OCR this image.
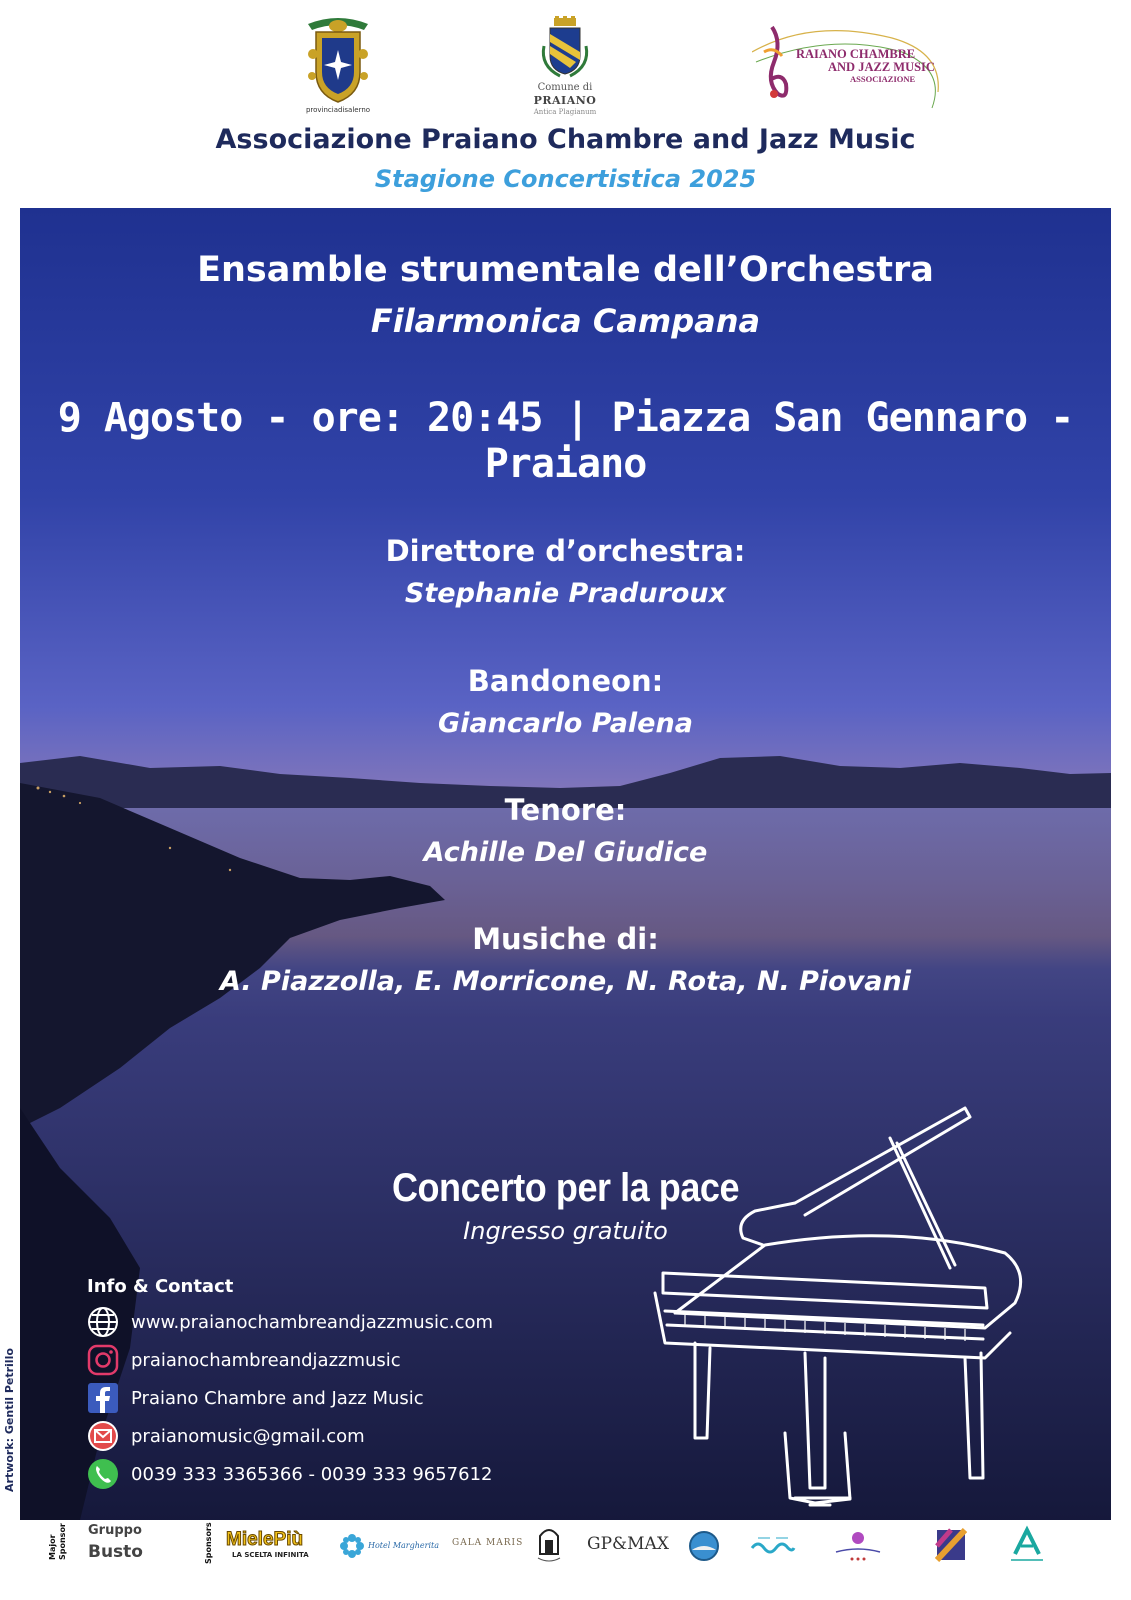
provinciadisalerno
Comune di
PRAIANO
Antica Plagianum
RAIANO CHAMBRE
AND JAZZ MUSIC
ASSOCIAZIONE
Associazione Praiano Chambre and Jazz Music
Stagione Concertistica 2025
Ensamble strumentale dell’Orchestra
Filarmonica Campana
9 Agosto - ore: 20:45 | Piazza San Gennaro - Praiano
Direttore d’orchestra:
Stephanie Praduroux
Bandoneon:
Giancarlo Palena
Tenore:
Achille Del Giudice
Musiche di:
A. Piazzolla, E. Morricone, N. Rota, N. Piovani
Concerto per la pace
Ingresso gratuito
Info & Contact
www.praianochambreandjazzmusic.com
praianochambreandjazzmusic
Praiano Chambre and Jazz Music
praianomusic@gmail.com
0039 333 3365366 - 0039 333 9657612
Artwork: Gentil Petrillo
Major Sponsor Gruppo
Busto	Sponsors MielePiù
LA SCELTA INFINITA
Hotel Margherita GALA MARIS	GP&MAX
